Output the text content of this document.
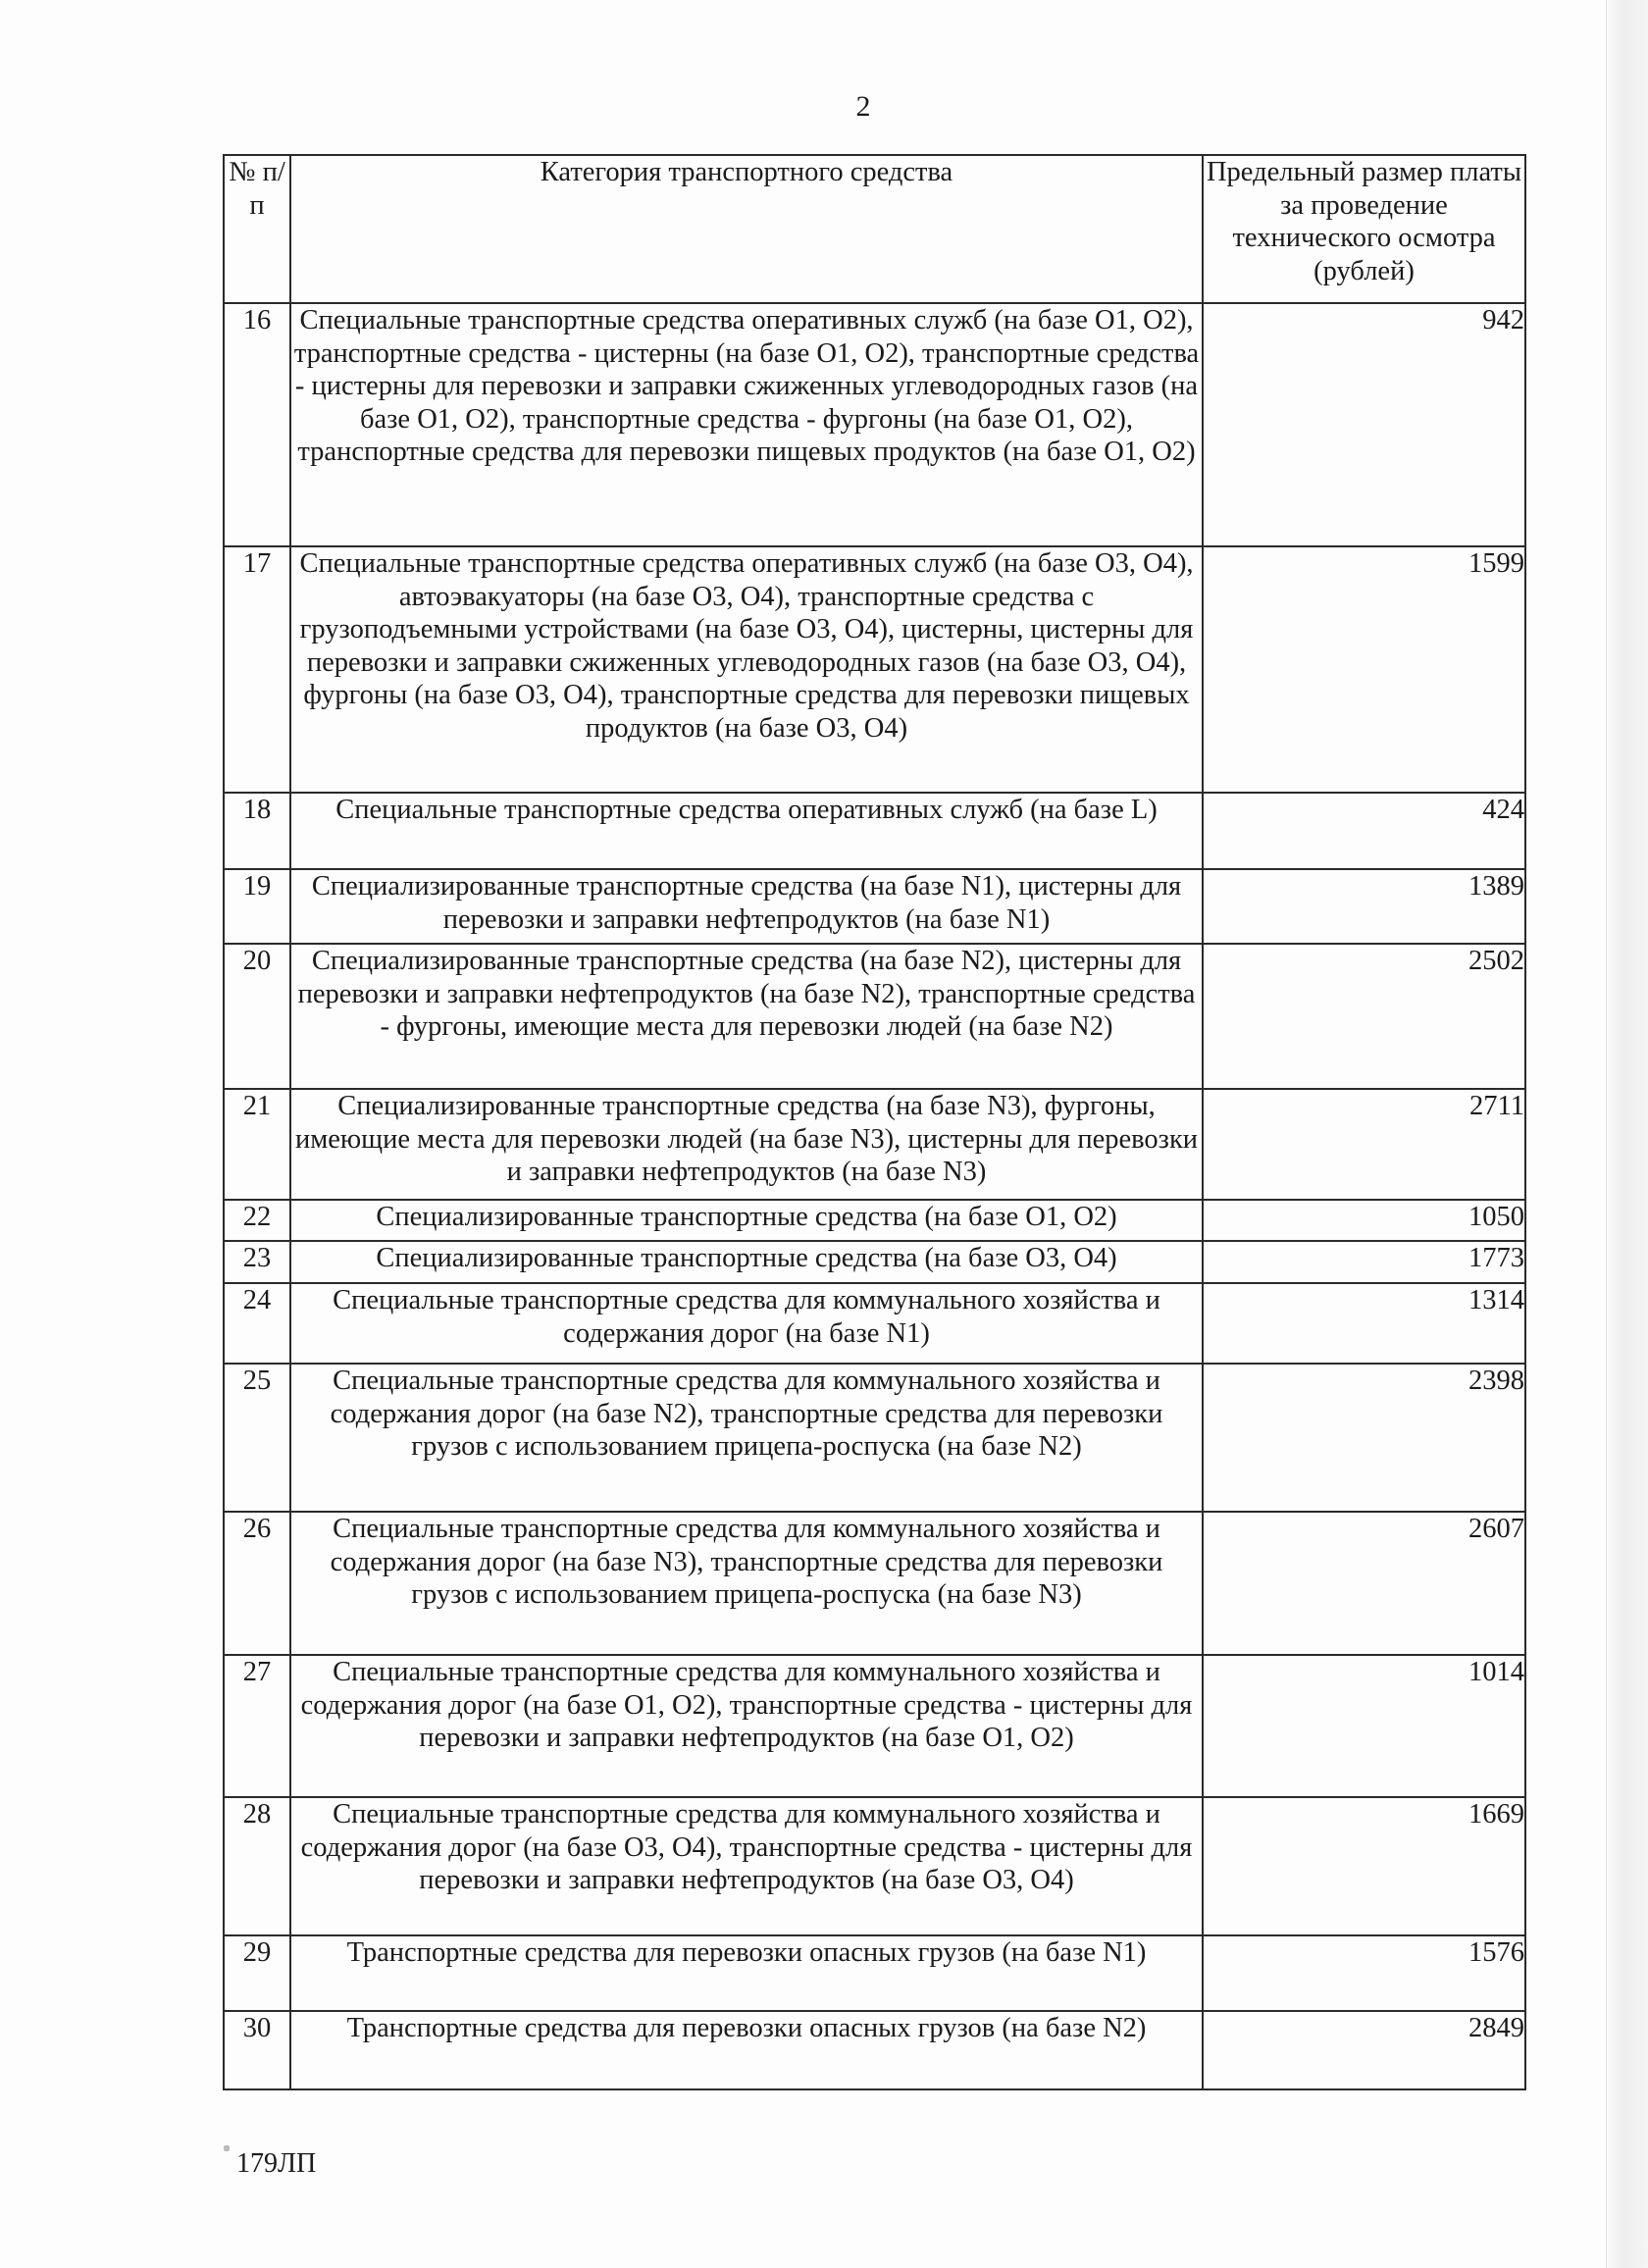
2
№ п/п	Категория транспортного средства	Предельный размер платы за проведение технического осмотра (рублей)
16	Специальные транспортные средства оперативных служб (на базе O1, O2), транспортные средства - цистерны (на базе O1, O2), транспортные средства - цистерны для перевозки и заправки сжиженных углеводородных газов (на базе O1, O2), транспортные средства - фургоны (на базе O1, O2), транспортные средства для перевозки пищевых продуктов (на базе O1, O2)	942
17	Специальные транспортные средства оперативных служб (на базе O3, O4), автоэвакуаторы (на базе O3, O4), транспортные средства с грузоподъемными устройствами (на базе O3, O4), цистерны, цистерны для перевозки и заправки сжиженных углеводородных газов (на базе O3, O4), фургоны (на базе O3, O4), транспортные средства для перевозки пищевых продуктов (на базе O3, O4)	1599
18	Специальные транспортные средства оперативных служб (на базе L)	424
19	Специализированные транспортные средства (на базе N1), цистерны для перевозки и заправки нефтепродуктов (на базе N1)	1389
20	Специализированные транспортные средства (на базе N2), цистерны для перевозки и заправки нефтепродуктов (на базе N2), транспортные средства - фургоны, имеющие места для перевозки людей (на базе N2)	2502
21	Специализированные транспортные средства (на базе N3), фургоны, имеющие места для перевозки людей (на базе N3), цистерны для перевозки и заправки нефтепродуктов (на базе N3)	2711
22	Специализированные транспортные средства (на базе O1, O2)	1050
23	Специализированные транспортные средства (на базе O3, O4)	1773
24	Специальные транспортные средства для коммунального хозяйства и содержания дорог (на базе N1)	1314
25	Специальные транспортные средства для коммунального хозяйства и содержания дорог (на базе N2), транспортные средства для перевозки грузов с использованием прицепа-роспуска (на базе N2)	2398
26	Специальные транспортные средства для коммунального хозяйства и содержания дорог (на базе N3), транспортные средства для перевозки грузов с использованием прицепа-роспуска (на базе N3)	2607
27	Специальные транспортные средства для коммунального хозяйства и содержания дорог (на базе O1, O2), транспортные средства - цистерны для перевозки и заправки нефтепродуктов (на базе O1, O2)	1014
28	Специальные транспортные средства для коммунального хозяйства и содержания дорог (на базе O3, O4), транспортные средства - цистерны для перевозки и заправки нефтепродуктов (на базе O3, O4)	1669
29	Транспортные средства для перевозки опасных грузов (на базе N1)	1576
30	Транспортные средства для перевозки опасных грузов (на базе N2)	2849
179ЛП
